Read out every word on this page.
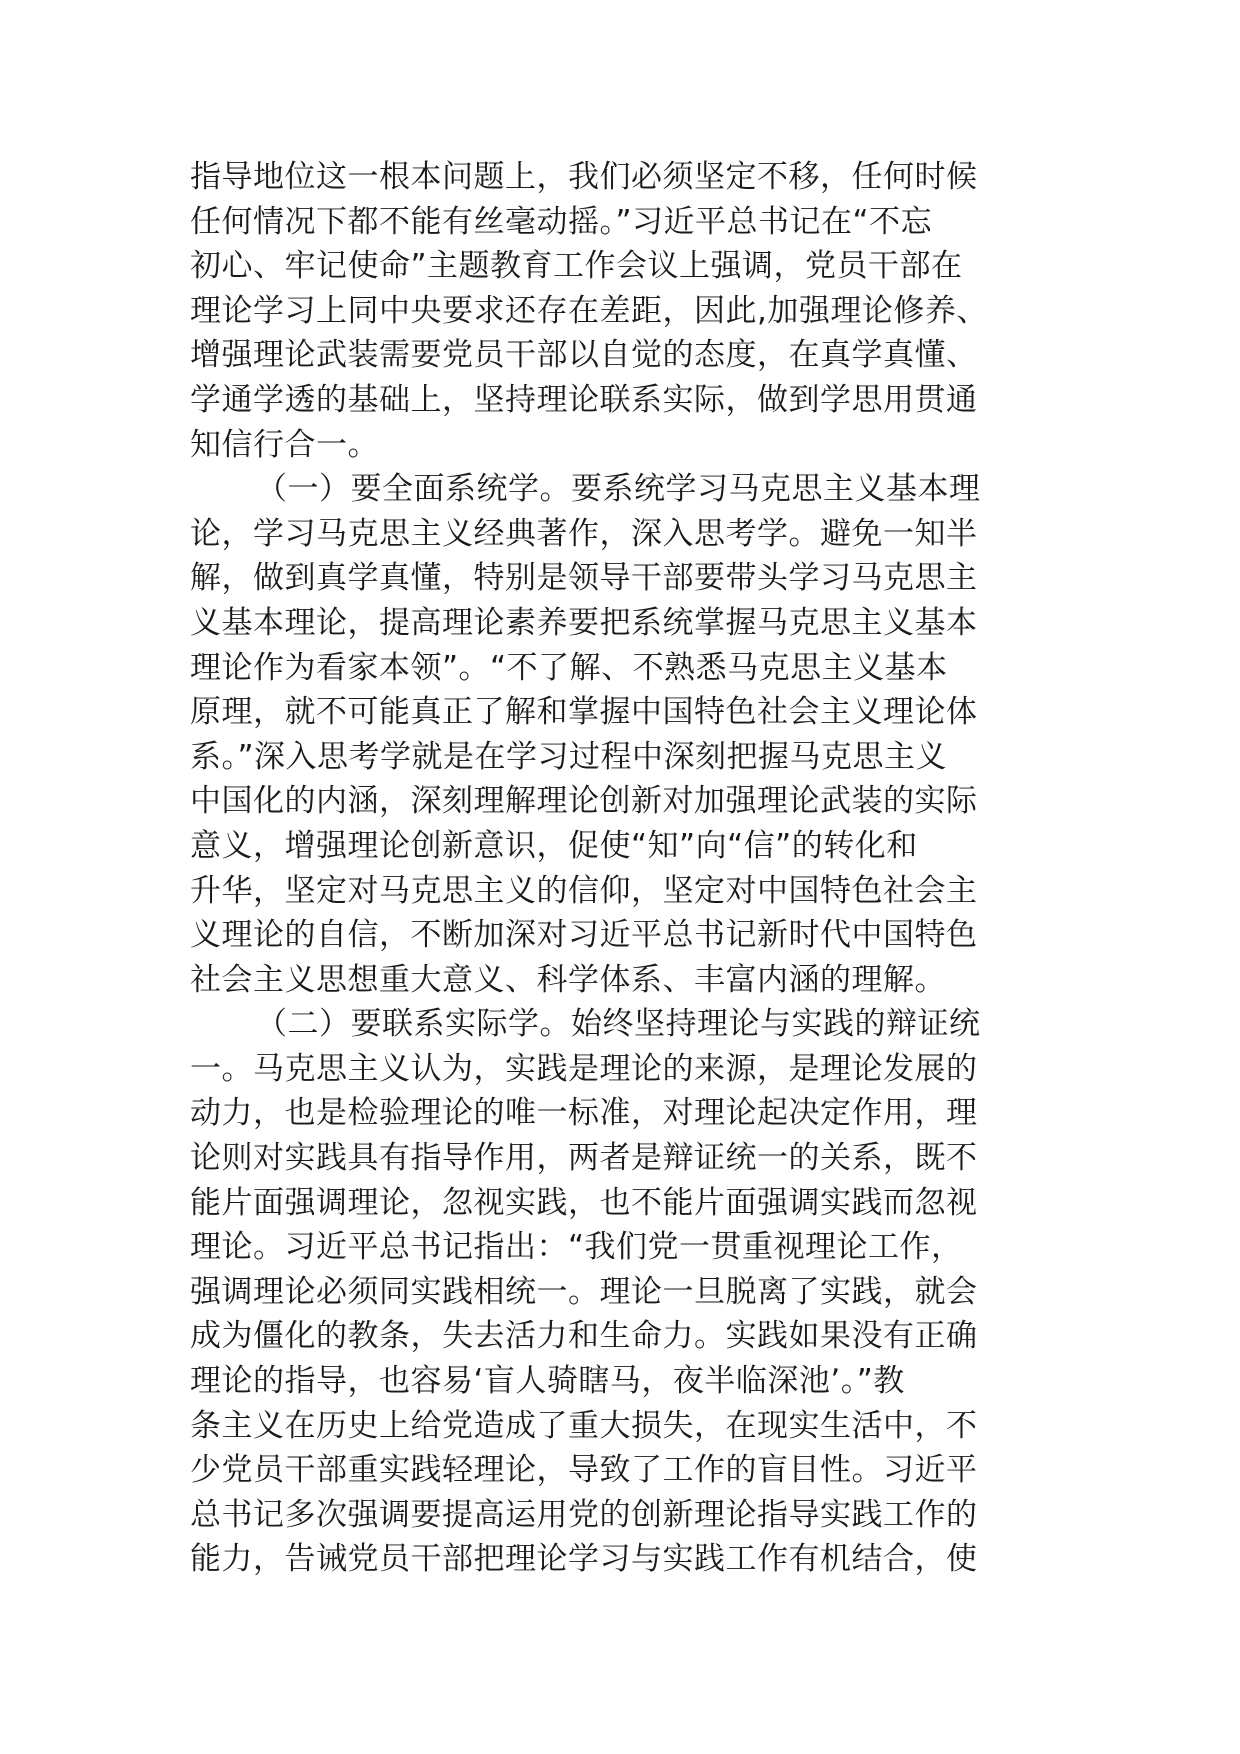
指导地位这一根本问题上，我们必须坚定不移，任何时候
任何情况下都不能有丝毫动摇。”习近平总书记在“不忘
初心、牢记使命”主题教育工作会议上强调，党员干部在
理论学习上同中央要求还存在差距，因此,加强理论修养、
增强理论武装需要党员干部以自觉的态度，在真学真懂、
学通学透的基础上，坚持理论联系实际，做到学思用贯通
知信行合一。
（一）要全面系统学。要系统学习马克思主义基本理
论，学习马克思主义经典著作，深入思考学。避免一知半
解，做到真学真懂，特别是领导干部要带头学习马克思主
义基本理论，提高理论素养要把系统掌握马克思主义基本
理论作为看家本领”。“不了解、不熟悉马克思主义基本
原理，就不可能真正了解和掌握中国特色社会主义理论体
系。”深入思考学就是在学习过程中深刻把握马克思主义
中国化的内涵，深刻理解理论创新对加强理论武装的实际
意义，增强理论创新意识，促使“知”向“信”的转化和
升华，坚定对马克思主义的信仰，坚定对中国特色社会主
义理论的自信，不断加深对习近平总书记新时代中国特色
社会主义思想重大意义、科学体系、丰富内涵的理解。
（二）要联系实际学。始终坚持理论与实践的辩证统
一。马克思主义认为，实践是理论的来源，是理论发展的
动力，也是检验理论的唯一标准，对理论起决定作用，理
论则对实践具有指导作用，两者是辩证统一的关系，既不
能片面强调理论，忽视实践，也不能片面强调实践而忽视
理论。习近平总书记指出：“我们党一贯重视理论工作，
强调理论必须同实践相统一。理论一旦脱离了实践，就会
成为僵化的教条，失去活力和生命力。实践如果没有正确
理论的指导，也容易‘盲人骑瞎马，夜半临深池’。”教
条主义在历史上给党造成了重大损失，在现实生活中，不
少党员干部重实践轻理论，导致了工作的盲目性。习近平
总书记多次强调要提高运用党的创新理论指导实践工作的
能力，告诫党员干部把理论学习与实践工作有机结合，使
